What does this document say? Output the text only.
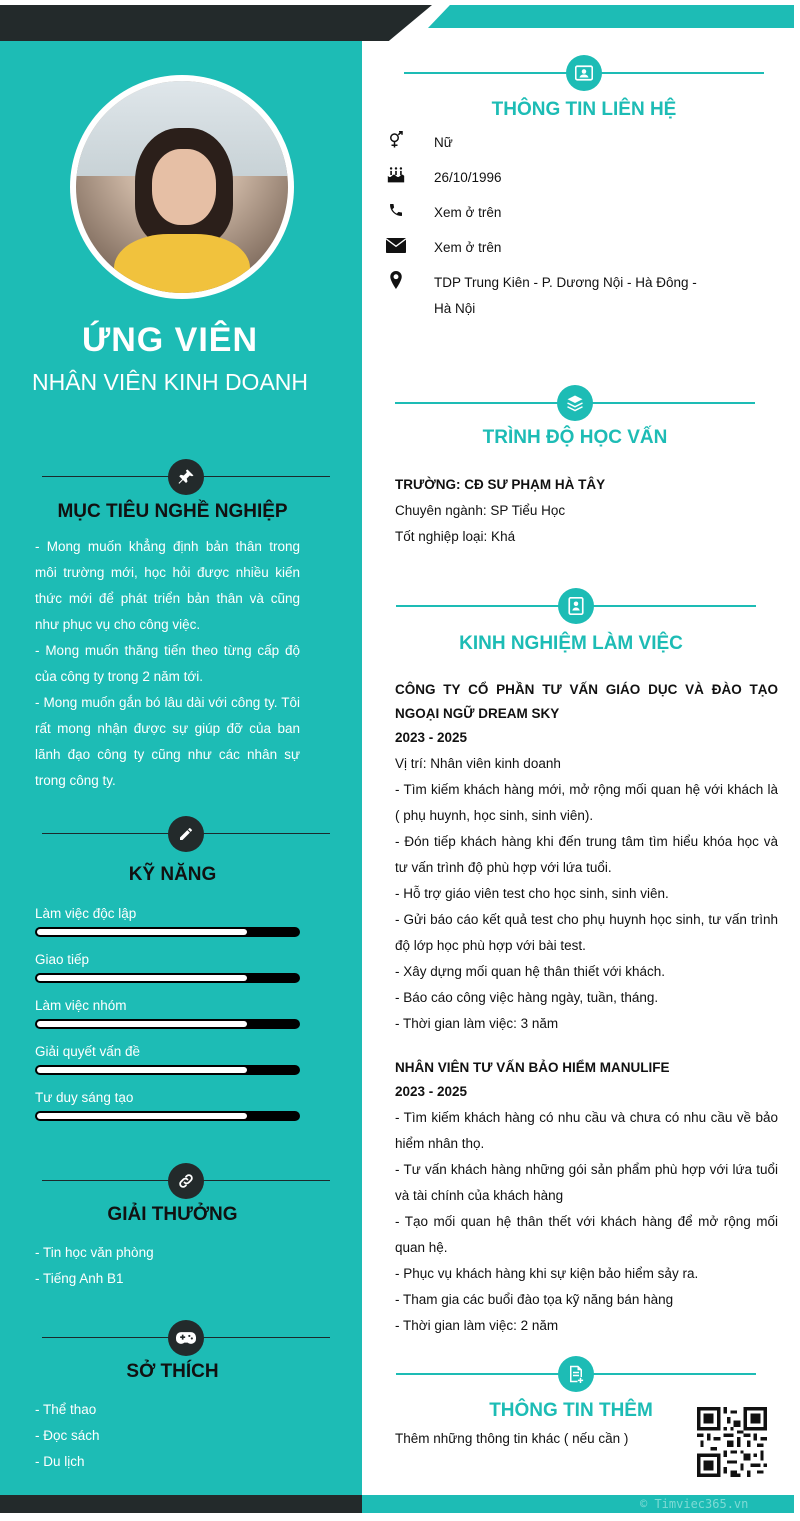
ỨNG VIÊN
NHÂN VIÊN KINH DOANH
MỤC TIÊU NGHỀ NGHIỆP
- Mong muốn khẳng định bản thân trong môi trường mới, học hỏi được nhiều kiến thức mới để phát triển bản thân và cũng như phục vụ cho công việc.
- Mong muốn thăng tiến theo từng cấp độ của công ty trong 2 năm tới.
- Mong muốn gắn bó lâu dài với công ty. Tôi rất mong nhận được sự giúp đỡ của ban lãnh đạo công ty cũng như các nhân sự trong công ty.
KỸ NĂNG
Làm việc độc lập
Giao tiếp
Làm việc nhóm
Giải quyết vấn đề
Tư duy sáng tạo
GIẢI THƯỞNG
- Tin học văn phòng
- Tiếng Anh B1
SỞ THÍCH
- Thể thao
- Đọc sách
- Du lịch
THÔNG TIN LIÊN HỆ
Nữ
26/10/1996
Xem ở trên
Xem ở trên
TDP Trung Kiên - P. Dương Nội - Hà Đông - Hà Nội
TRÌNH ĐỘ HỌC VẤN
TRƯỜNG: CĐ SƯ PHẠM HÀ TÂY
Chuyên ngành: SP Tiểu Học
Tốt nghiệp loại: Khá
KINH NGHIỆM LÀM VIỆC
CÔNG TY CỔ PHẦN TƯ VẤN GIÁO DỤC VÀ ĐÀO TẠO NGOẠI NGỮ DREAM SKY
2023 - 2025
Vị trí: Nhân viên kinh doanh
- Tìm kiếm khách hàng mới, mở rộng mối quan hệ với khách là ( phụ huynh, học sinh, sinh viên).
- Đón tiếp khách hàng khi đến trung tâm tìm hiểu khóa học và tư vấn trình độ phù hợp với lứa tuổi.
- Hỗ trợ giáo viên test cho học sinh, sinh viên.
- Gửi báo cáo kết quả test cho phụ huynh học sinh, tư vấn trình độ lớp học phù hợp với bài test.
- Xây dựng mối quan hệ thân thiết với khách.
- Báo cáo công việc hàng ngày, tuần, tháng.
- Thời gian làm việc: 3 năm
NHÂN VIÊN TƯ VẤN BẢO HIỂM MANULIFE
2023 - 2025
- Tìm kiếm khách hàng có nhu cầu và chưa có nhu cầu về bảo hiểm nhân thọ.
- Tư vấn khách hàng những gói sản phẩm phù hợp với lứa tuổi và tài chính của khách hàng
- Tạo mối quan hệ thân thết với khách hàng để mở rộng mối quan hệ.
- Phục vụ khách hàng khi sự kiện bảo hiểm sảy ra.
- Tham gia các buổi đào tọa kỹ năng bán hàng
- Thời gian làm việc: 2 năm
THÔNG TIN THÊM
Thêm những thông tin khác ( nếu cần )
© Timviec365.vn
